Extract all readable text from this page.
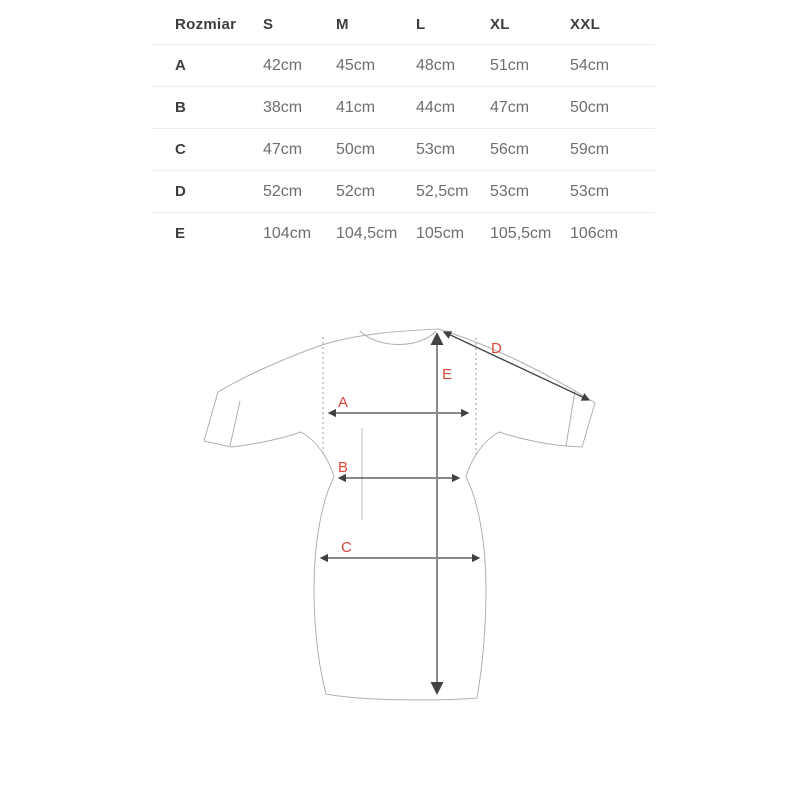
Rozmiar	S	M	L	XL	XXL
A	42cm	45cm	48cm	51cm	54cm
B	38cm	41cm	44cm	47cm	50cm
C	47cm	50cm	53cm	56cm	59cm
D	52cm	52cm	52,5cm	53cm	53cm
E	104cm	104,5cm	105cm	105,5cm	106cm
A
B
C
D
E
